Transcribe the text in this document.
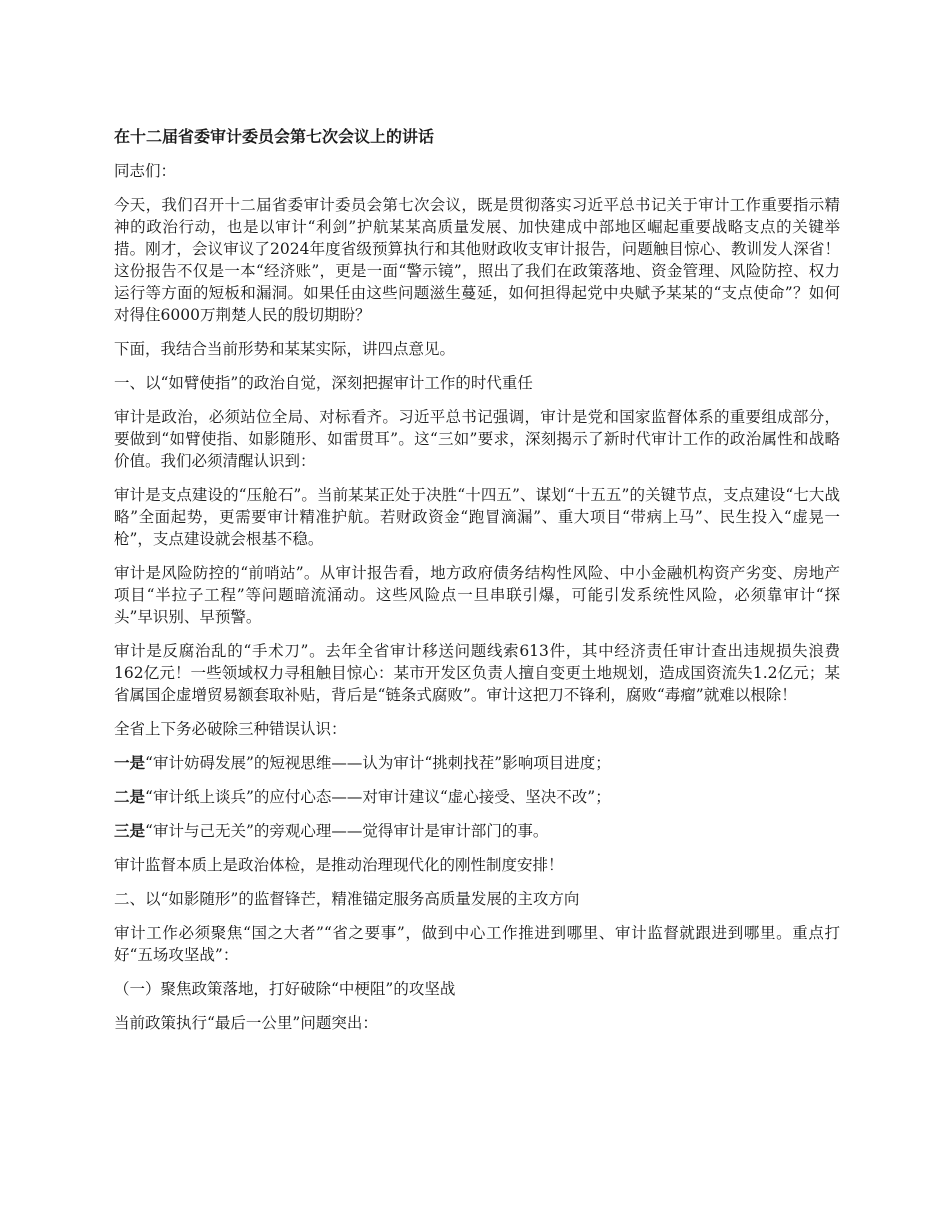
在十二届省委审计委员会第七次会议上的讲话

同志们：

今天，我们召开十二届省委审计委员会第七次会议，既是贯彻落实习近平总书记关于审计工作重要指示精神的政治行动，也是以审计“利剑”护航某某高质量发展、加快建成中部地区崛起重要战略支点的关键举措。刚才，会议审议了2024年度省级预算执行和其他财政收支审计报告，问题触目惊心、教训发人深省！这份报告不仅是一本“经济账”，更是一面“警示镜”，照出了我们在政策落地、资金管理、风险防控、权力运行等方面的短板和漏洞。如果任由这些问题滋生蔓延，如何担得起党中央赋予某某的“支点使命”？如何对得住6000万荆楚人民的殷切期盼？

下面，我结合当前形势和某某实际，讲四点意见。

一、以“如臂使指”的政治自觉，深刻把握审计工作的时代重任

审计是政治，必须站位全局、对标看齐。习近平总书记强调，审计是党和国家监督体系的重要组成部分，要做到“如臂使指、如影随形、如雷贯耳”。这“三如”要求，深刻揭示了新时代审计工作的政治属性和战略价值。我们必须清醒认识到：

审计是支点建设的“压舱石”。当前某某正处于决胜“十四五”、谋划“十五五”的关键节点，支点建设“七大战略”全面起势，更需要审计精准护航。若财政资金“跑冒滴漏”、重大项目“带病上马”、民生投入“虚晃一枪”，支点建设就会根基不稳。

审计是风险防控的“前哨站”。从审计报告看，地方政府债务结构性风险、中小金融机构资产劣变、房地产项目“半拉子工程”等问题暗流涌动。这些风险点一旦串联引爆，可能引发系统性风险，必须靠审计“探头”早识别、早预警。

审计是反腐治乱的“手术刀”。去年全省审计移送问题线索613件，其中经济责任审计查出违规损失浪费162亿元！一些领域权力寻租触目惊心：某市开发区负责人擅自变更土地规划，造成国资流失1.2亿元；某省属国企虚增贸易额套取补贴，背后是“链条式腐败”。审计这把刀不锋利，腐败“毒瘤”就难以根除！

全省上下务必破除三种错误认识：

一是“审计妨碍发展”的短视思维——认为审计“挑刺找茬”影响项目进度；

二是“审计纸上谈兵”的应付心态——对审计建议“虚心接受、坚决不改”；

三是“审计与己无关”的旁观心理——觉得审计是审计部门的事。

审计监督本质上是政治体检，是推动治理现代化的刚性制度安排！

二、以“如影随形”的监督锋芒，精准锚定服务高质量发展的主攻方向

审计工作必须聚焦“国之大者”“省之要事”，做到中心工作推进到哪里、审计监督就跟进到哪里。重点打好“五场攻坚战”：

（一）聚焦政策落地，打好破除“中梗阻”的攻坚战

当前政策执行“最后一公里”问题突出：
